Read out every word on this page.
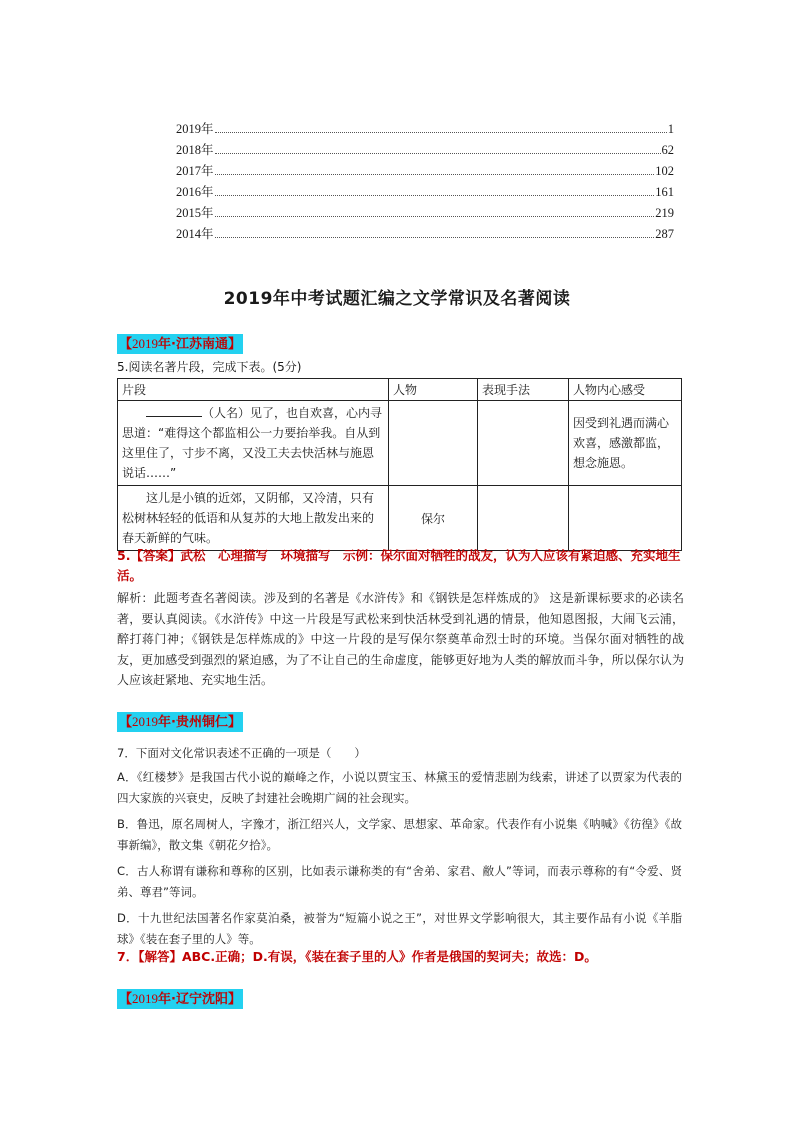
2019年	1
2018年	62
2017年	102
2016年	161
2015年	219
2014年	287
2019年中考试题汇编之文学常识及名著阅读
【2019年·江苏南通】
5.阅读名著片段，完成下表。(5分)
片段	人物	表现手法	人物内心感受

（人名）见了，也自欢喜，心内寻思道：“难得这个都监相公一力要抬举我。自从到这里住了，寸步不离，又没工夫去快活林与施恩说话……”			因受到礼遇而满心欢喜，感激都监，想念施恩。

这儿是小镇的近郊，又阴郁，又冷清，只有松树林轻轻的低语和从复苏的大地上散发出来的春天新鲜的气味。	保尔		
5.【答案】武松　心理描写　环境描写　示例：保尔面对牺牲的战友，认为人应该有紧迫感、充实地生活。
解析：此题考查名著阅读。涉及到的名著是《水浒传》和《钢铁是怎样炼成的》 这是新课标要求的必读名著，要认真阅读。《水浒传》中这一片段是写武松来到快活林受到礼遇的情景，他知恩图报，大闹飞云浦，醉打蒋门神；《钢铁是怎样炼成的》中这一片段的是写保尔祭奠革命烈士时的环境。当保尔面对牺牲的战友，更加感受到强烈的紧迫感，为了不让自己的生命虚度，能够更好地为人类的解放而斗争，所以保尔认为人应该赶紧地、充实地生活。
【2019年·贵州铜仁】

7．下面对文化常识表述不正确的一项是（　　）

A．《红楼梦》是我国古代小说的巅峰之作，小说以贾宝玉、林黛玉的爱情悲剧为线索，讲述了以贾家为代表的四大家族的兴衰史，反映了封建社会晚期广阔的社会现实。

B．鲁迅，原名周树人，字豫才，浙江绍兴人，文学家、思想家、革命家。代表作有小说集《呐喊》《彷徨》《故事新编》，散文集《朝花夕拾》。

C．古人称谓有谦称和尊称的区别，比如表示谦称类的有“舍弟、家君、敝人”等词，而表示尊称的有“令爱、贤弟、尊君”等词。

D．十九世纪法国著名作家莫泊桑，被誉为“短篇小说之王”，对世界文学影响很大，其主要作品有小说《羊脂球》《装在套子里的人》等。

7．【解答】ABC.正确；D.有误，《装在套子里的人》作者是俄国的契诃夫；故选：D。
【2019年·辽宁沈阳】
